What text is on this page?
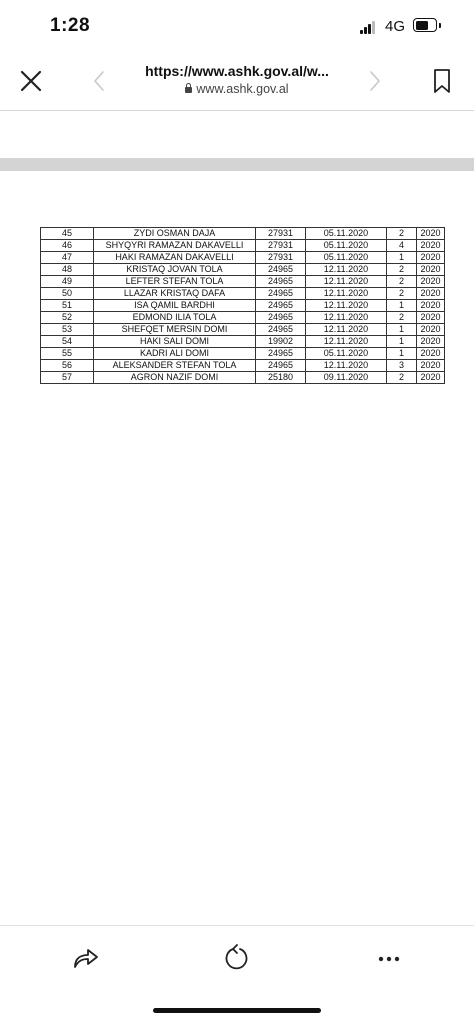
1:28	4G
https://www.ashk.gov.al/w...
www.ashk.gov.al
45	ZYDI OSMAN DAJA	27931	05.11.2020	2	2020
46	SHYQYRI RAMAZAN DAKAVELLI	27931	05.11.2020	4	2020
47	HAKI RAMAZAN DAKAVELLI	27931	05.11.2020	1	2020
48	KRISTAQ JOVAN TOLA	24965	12.11.2020	2	2020
49	LEFTER STEFAN TOLA	24965	12.11.2020	2	2020
50	LLAZAR KRISTAQ DAFA	24965	12.11.2020	2	2020
51	ISA QAMIL BARDHI	24965	12.11.2020	1	2020
52	EDMOND ILIA TOLA	24965	12.11.2020	2	2020
53	SHEFQET MERSIN DOMI	24965	12.11.2020	1	2020
54	HAKI SALI DOMI	19902	12.11.2020	1	2020
55	KADRI ALI DOMI	24965	05.11.2020	1	2020
56	ALEKSANDER STEFAN TOLA	24965	12.11.2020	3	2020
57	AGRON NAZIF DOMI	25180	09.11.2020	2	2020
